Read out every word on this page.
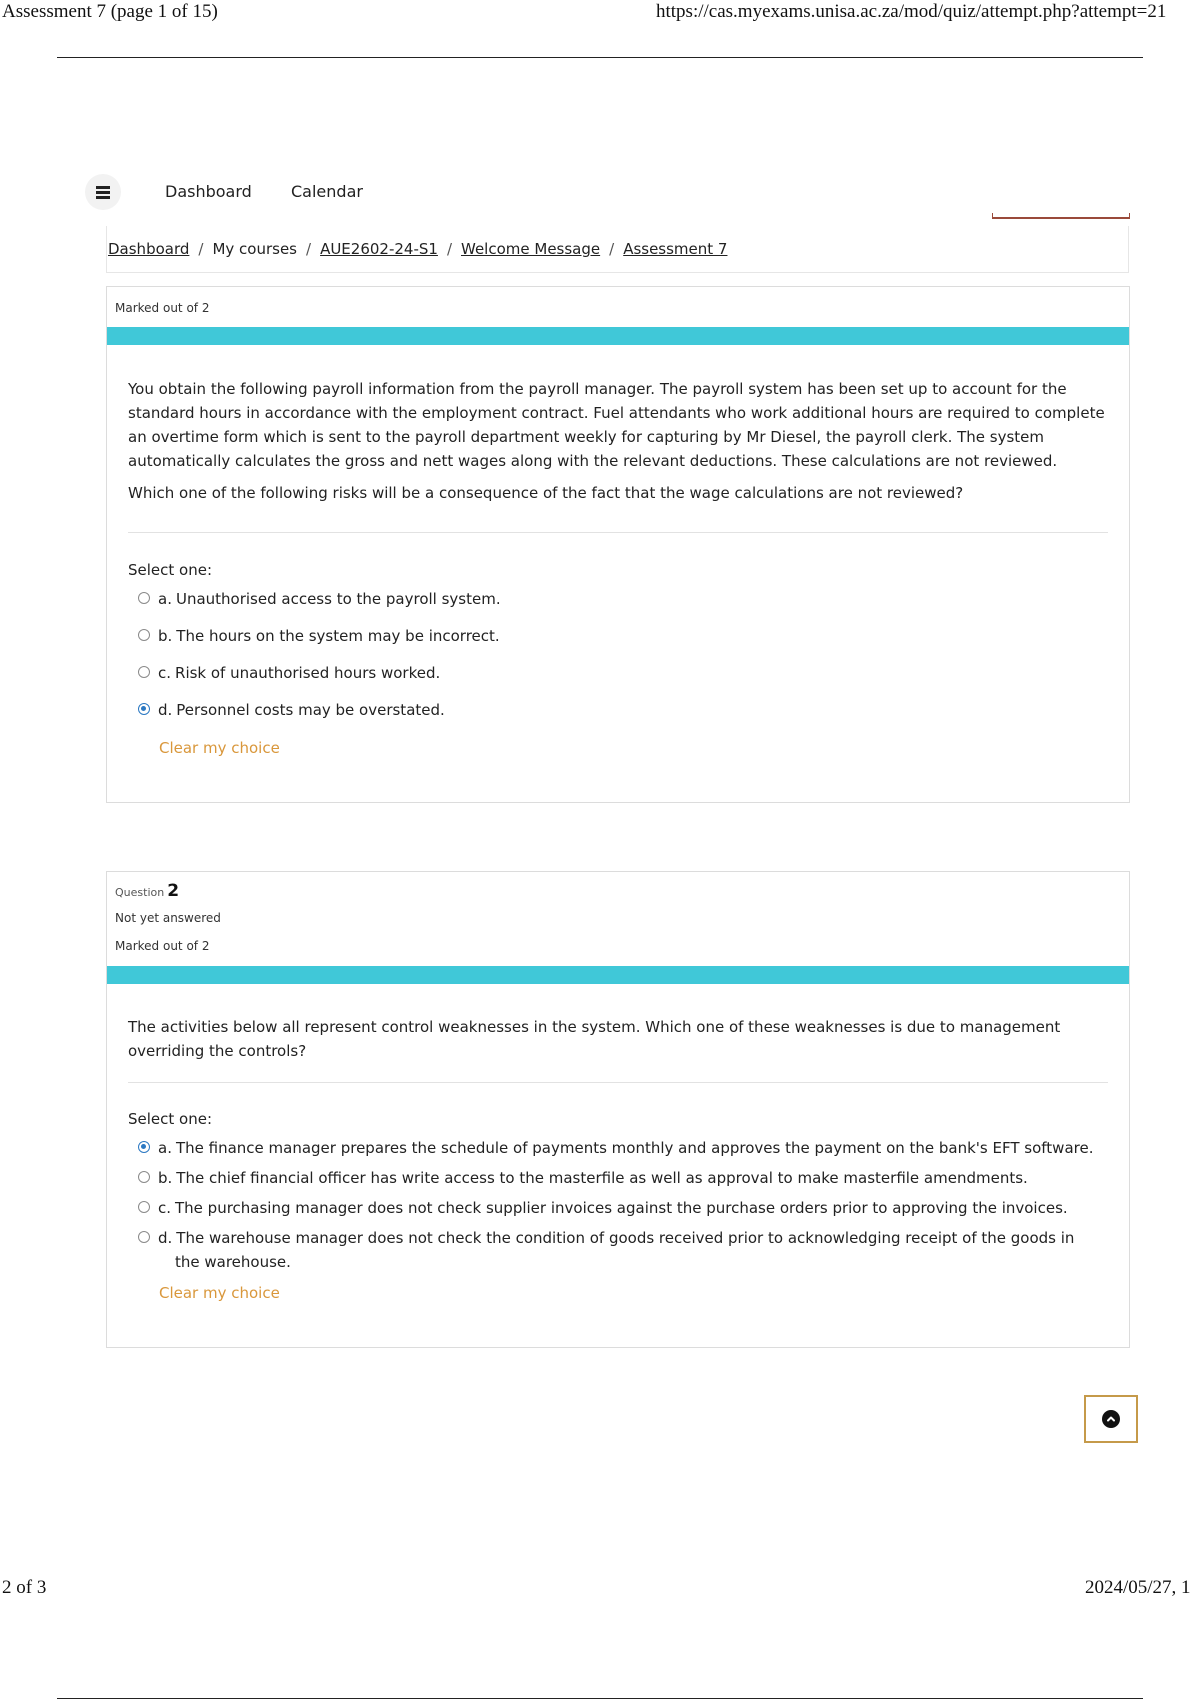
Assessment 7 (page 1 of 15)	https://cas.myexams.unisa.ac.za/mod/quiz/attempt.php?attempt=21
Dashboard Calendar
Dashboard / My courses / AUE2602-24-S1 / Welcome Message / Assessment 7
Marked out of 2

You obtain the following payroll information from the payroll manager. The payroll system has been set up to account for the standard hours in accordance with the employment contract. Fuel attendants who work additional hours are required to complete an overtime form which is sent to the payroll department weekly for capturing by Mr Diesel, the payroll clerk. The system automatically calculates the gross and nett wages along with the relevant deductions. These calculations are not reviewed.

Which one of the following risks will be a consequence of the fact that the wage calculations are not reviewed?

Select one:
a. Unauthorised access to the payroll system.
b. The hours on the system may be incorrect.
c. Risk of unauthorised hours worked.
d. Personnel costs may be overstated.
Clear my choice
Question 2
Not yet answered
Marked out of 2

The activities below all represent control weaknesses in the system. Which one of these weaknesses is due to management overriding the controls?

Select one:
a. The finance manager prepares the schedule of payments monthly and approves the payment on the bank's EFT software.
b. The chief financial officer has write access to the masterfile as well as approval to make masterfile amendments.
c. The purchasing manager does not check supplier invoices against the purchase orders prior to approving the invoices.
d. The warehouse manager does not check the condition of goods received prior to acknowledging receipt of the goods in the warehouse.
Clear my choice
2 of 3	2024/05/27, 1
